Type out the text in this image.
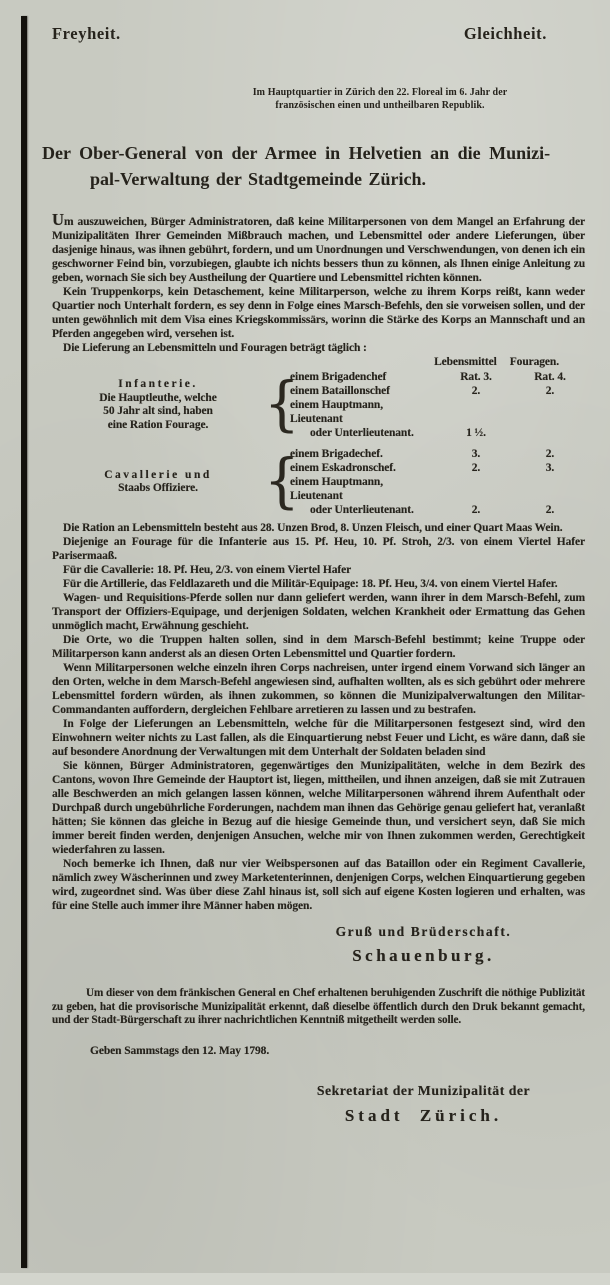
Freyheit.	Gleichheit.
Im Hauptquartier in Zürich den 22. Floreal im 6. Jahr der
französischen einen und untheilbaren Republik.
Der Ober-General von der Armee in Helvetien an die Munizi-
pal-Verwaltung der Stadtgemeinde Zürich.

Um auszuweichen, Bürger Administratoren, daß keine Militarpersonen von dem Mangel an Erfahrung der Munizipalitäten Ihrer Gemeinden Mißbrauch machen, und Lebensmittel oder andere Lieferungen, über dasjenige hinaus, was ihnen gebührt, fordern, und um Unordnungen und Verschwendungen, von denen ich ein geschworner Feind bin, vorzubiegen, glaubte ich nichts bessers thun zu können, als Ihnen einige Anleitung zu geben, wornach Sie sich bey Austheilung der Quartiere und Lebensmittel richten können.

Kein Truppenkorps, kein Detaschement, keine Militarperson, welche zu ihrem Korps reißt, kann weder Quartier noch Unterhalt fordern, es sey denn in Folge eines Marsch-Befehls, den sie vorweisen sollen, und der unten gewöhnlich mit dem Visa eines Kriegskommissärs, worinn die Stärke des Korps an Mannschaft und an Pferden angegeben wird, versehen ist.

Die Lieferung an Lebensmitteln und Fouragen beträgt täglich :

Lebensmittel Fouragen.
Infanterie.
Die Hauptleuthe, welche
50 Jahr alt sind, haben
eine Ration Fourage. {
einem Brigadenchef	Rat. 3.	Rat. 4.
einem Bataillonschef	2.	2.
einem Hauptmann, Lieutenant
oder Unterlieutenant.	1 ½.
Cavallerie und
Staabs Offiziere.	{
einem Brigadechef.	3.	2.
einem Eskadronschef.	2.	3.
einem Hauptmann, Lieutenant
oder Unterlieutenant.	2.	2.

Die Ration an Lebensmitteln besteht aus 28. Unzen Brod, 8. Unzen Fleisch, und einer Quart Maas Wein.

Diejenige an Fourage für die Infanterie aus 15. Pf. Heu, 10. Pf. Stroh, 2/3. von einem Viertel Hafer Parisermaaß.

Für die Cavallerie: 18. Pf. Heu, 2/3. von einem Viertel Hafer

Für die Artillerie, das Feldlazareth und die Militär-Equipage: 18. Pf. Heu, 3/4. von einem Viertel Hafer.

Wagen- und Requisitions-Pferde sollen nur dann geliefert werden, wann ihrer in dem Marsch-Befehl, zum Transport der Offiziers-Equipage, und derjenigen Soldaten, welchen Krankheit oder Ermattung das Gehen unmöglich macht, Erwähnung geschieht.

Die Orte, wo die Truppen halten sollen, sind in dem Marsch-Befehl bestimmt; keine Truppe oder Militarperson kann anderst als an diesen Orten Lebensmittel und Quartier fordern.

Wenn Militarpersonen welche einzeln ihren Corps nachreisen, unter irgend einem Vorwand sich länger an den Orten, welche in dem Marsch-Befehl angewiesen sind, aufhalten wollten, als es sich gebührt oder mehrere Lebensmittel fordern würden, als ihnen zukommen, so können die Munizipalverwaltungen den Militar-Commandanten auffordern, dergleichen Fehlbare arretieren zu lassen und zu bestrafen.

In Folge der Lieferungen an Lebensmitteln, welche für die Militarpersonen festgesezt sind, wird den Einwohnern weiter nichts zu Last fallen, als die Einquartierung nebst Feuer und Licht, es wäre dann, daß sie auf besondere Anordnung der Verwaltungen mit dem Unterhalt der Soldaten beladen sind

Sie können, Bürger Administratoren, gegenwärtiges den Munizipalitäten, welche in dem Bezirk des Cantons, wovon Ihre Gemeinde der Hauptort ist, liegen, mittheilen, und ihnen anzeigen, daß sie mit Zutrauen alle Beschwerden an mich gelangen lassen können, welche Militarpersonen während ihrem Aufenthalt oder Durchpaß durch ungebührliche Forderungen, nachdem man ihnen das Gehörige genau geliefert hat, veranlaßt hätten; Sie können das gleiche in Bezug auf die hiesige Gemeinde thun, und versichert seyn, daß Sie mich immer bereit finden werden, denjenigen Ansuchen, welche mir von Ihnen zukommen werden, Gerechtigkeit wiederfahren zu lassen.

Noch bemerke ich Ihnen, daß nur vier Weibspersonen auf das Bataillon oder ein Regiment Cavallerie, nämlich zwey Wäscherinnen und zwey Marketenterinnen, denjenigen Corps, welchen Einquartierung gegeben wird, zugeordnet sind. Was über diese Zahl hinaus ist, soll sich auf eigene Kosten logieren und erhalten, was für eine Stelle auch immer ihre Männer haben mögen.

Gruß und Brüderschaft.
Schauenburg.

Um dieser von dem fränkischen General en Chef erhaltenen beruhigenden Zuschrift die nöthige Publizität zu geben, hat die provisorische Munizipalität erkennt, daß dieselbe öffentlich durch den Druk bekannt gemacht, und der Stadt-Bürgerschaft zu ihrer nachrichtlichen Kenntniß mitgetheilt werden solle.

Geben Sammstags den 12. May 1798.

Sekretariat der Munizipalität der
Stadt Zürich.
